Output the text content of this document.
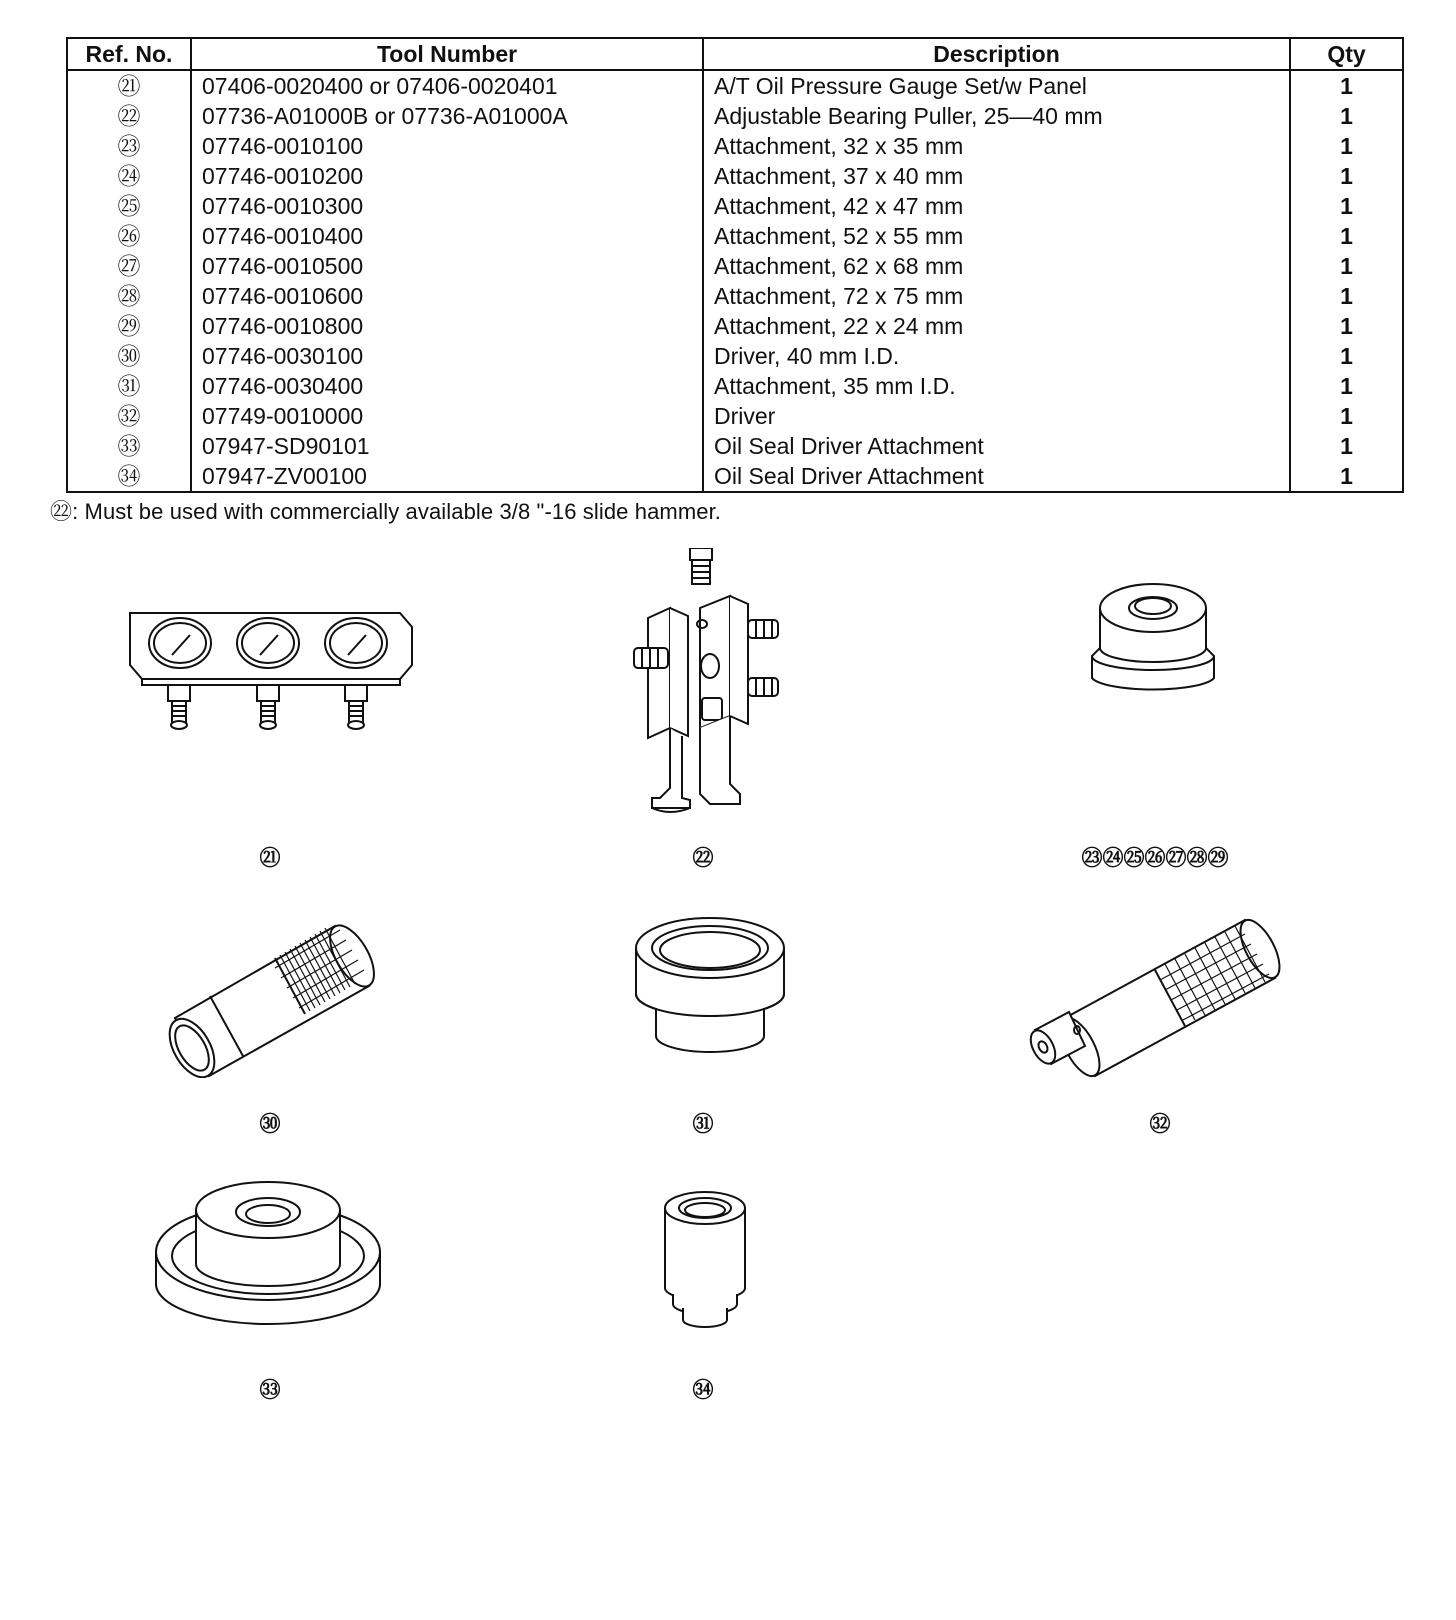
Ref. No.	Tool Number	Description	Qty
㉑	07406-0020400 or 07406-0020401	A/T Oil Pressure Gauge Set/w Panel	1
㉒	07736-A01000B or 07736-A01000A	Adjustable Bearing Puller, 25—40 mm	1
㉓	07746-0010100	Attachment, 32 x 35 mm	1
㉔	07746-0010200	Attachment, 37 x 40 mm	1
㉕	07746-0010300	Attachment, 42 x 47 mm	1
㉖	07746-0010400	Attachment, 52 x 55 mm	1
㉗	07746-0010500	Attachment, 62 x 68 mm	1
㉘	07746-0010600	Attachment, 72 x 75 mm	1
㉙	07746-0010800	Attachment, 22 x 24 mm	1
㉚	07746-0030100	Driver, 40 mm I.D.	1
㉛	07746-0030400	Attachment, 35 mm I.D.	1
㉜	07749-0010000	Driver	1
㉝	07947-SD90101	Oil Seal Driver Attachment	1
㉞	07947-ZV00100	Oil Seal Driver Attachment	1
㉒: Must be used with commercially available 3/8 "-16 slide hammer.
㉑	㉒	㉓㉔㉕㉖㉗㉘㉙
㉚	㉛	㉜
㉝	㉞
